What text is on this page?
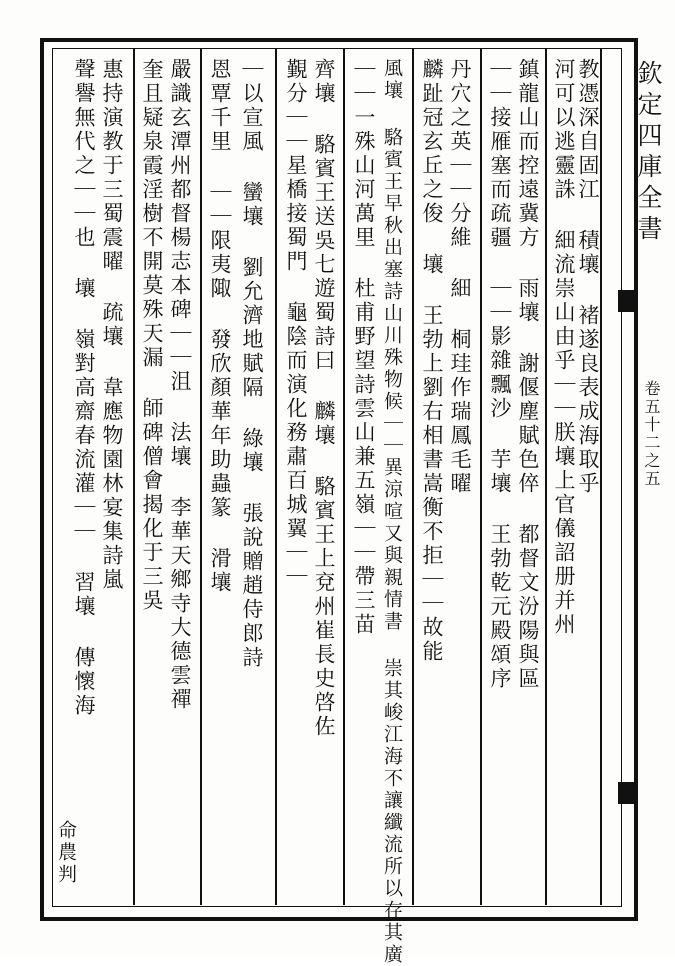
欽定四庫全書
卷五十二之五
教憑深自固江 積壤 褚遂良表成海取乎
河可以逃靈誅 細流崇山由乎｜｜朕壤上官儀詔册并州
鎮龍山而控遠冀方 雨壤 謝偃塵賦色倅 都督文汾陽與區
｜｜接雁塞而疏疆 ｜｜影雜飄沙 芋壤 王勃乾元殿頌序
丹穴之英｜｜分維 細 桐珪作瑞鳳毛曜
麟趾冠玄丘之俊 壤 王勃上劉右相書嵩衡不拒｜｜故能
風壤 駱賓王早秋出塞詩山川殊物候｜｜異涼喧又與親情書 崇其峻江海不讓纖流所以存其廣
｜｜一殊山河萬里 杜甫野望詩雲山兼五嶺｜｜帶三苗
齊壤 駱賓王送吳七遊蜀詩曰 麟壤 駱賓王上兗州崔長史啓佐
覲分｜｜星橋接蜀門 龜陰而演化務肅百城翼｜｜
｜以宣風 蠻壤 劉允濟地賦隔 綠壤 張說贈趙侍郎詩
恩覃千里 ｜｜限夷陬 發欣顏華年助蟲篆 滑壤
嚴識玄潭州都督楊志本碑｜｜沮 法壤 李華天鄉寺大德雲禪
奎且疑泉霞淫樹不開莫殊天漏 師碑僧會揭化于三吳
惠持演教于三蜀震曜 疏壤 韋應物園林宴集詩嵐
聲譽無代之｜｜也 壤 嶺對高齋春流灌｜｜ 習壤 傳懷海
命農判
